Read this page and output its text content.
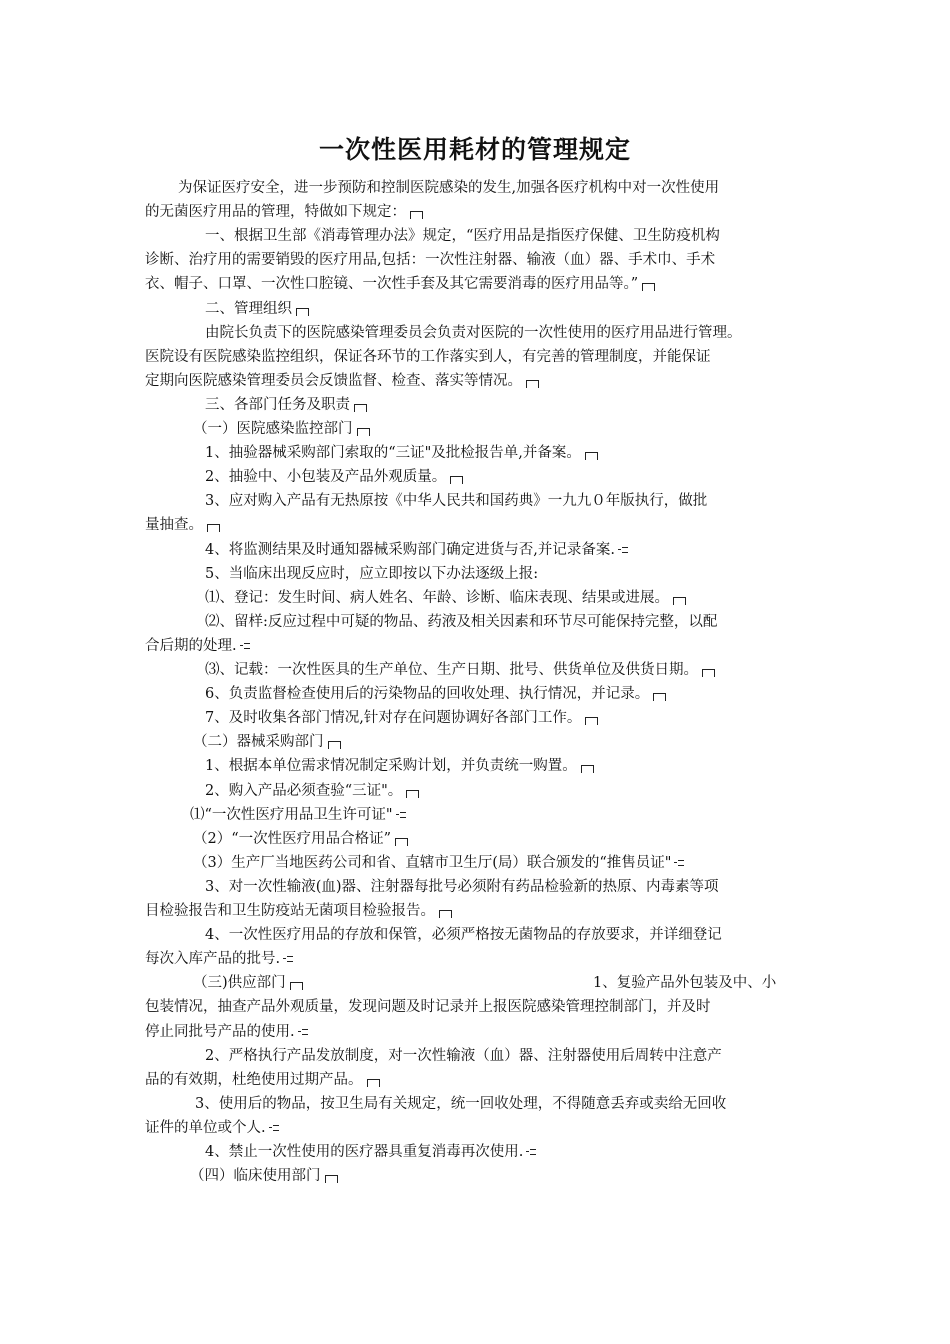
一次性医用耗材的管理规定
为保证医疗安全，进一步预防和控制医院感染的发生,加强各医疗机构中对一次性使用
的无菌医疗用品的管理，特做如下规定：
一、根据卫生部《消毒管理办法》规定，“医疗用品是指医疗保健、卫生防疫机构
诊断、治疗用的需要销毁的医疗用品,包括：一次性注射器、输液（血）器、手术巾、手术
衣、帽子、口罩、一次性口腔镜、一次性手套及其它需要消毒的医疗用品等。”
二、管理组织
由院长负责下的医院感染管理委员会负责对医院的一次性使用的医疗用品进行管理。
医院设有医院感染监控组织，保证各环节的工作落实到人，有完善的管理制度，并能保证
定期向医院感染管理委员会反馈监督、检查、落实等情况。
三、各部门任务及职责
（一）医院感染监控部门
1、抽验器械采购部门索取的“三证"及批检报告单,并备案。
2、抽验中、小包装及产品外观质量。
3、应对购入产品有无热原按《中华人民共和国药典》一九九０年版执行，做批
量抽查。
4、将监测结果及时通知器械采购部门确定进货与否,并记录备案.
5、当临床出现反应时，应立即按以下办法逐级上报:
⑴、登记：发生时间、病人姓名、年龄、诊断、临床表现、结果或进展。
⑵、留样:反应过程中可疑的物品、药液及相关因素和环节尽可能保持完整，以配
合后期的处理.
⑶、记载：一次性医具的生产单位、生产日期、批号、供货单位及供货日期。
6、负责监督检查使用后的污染物品的回收处理、执行情况，并记录。
7、及时收集各部门情况,针对存在问题协调好各部门工作。
（二）器械采购部门
1、根据本单位需求情况制定采购计划，并负责统一购置。
2、购入产品必须查验“三证"。
⑴“一次性医疗用品卫生许可证"
（2）“一次性医疗用品合格证”
（3）生产厂当地医药公司和省、直辖市卫生厅(局）联合颁发的“推售员证"
3、对一次性输液(血)器、注射器每批号必须附有药品检验新的热原、内毒素等项
目检验报告和卫生防疫站无菌项目检验报告。
4、一次性医疗用品的存放和保管，必须严格按无菌物品的存放要求，并详细登记
每次入库产品的批号.
（三)供应部门	1、复验产品外包装及中、小
包装情况，抽查产品外观质量，发现问题及时记录并上报医院感染管理控制部门，并及时
停止同批号产品的使用.
2、严格执行产品发放制度，对一次性输液（血）器、注射器使用后周转中注意产
品的有效期，杜绝使用过期产品。
3、使用后的物品，按卫生局有关规定，统一回收处理，不得随意丢弃或卖给无回收
证件的单位或个人.
4、禁止一次性使用的医疗器具重复消毒再次使用.
（四）临床使用部门
